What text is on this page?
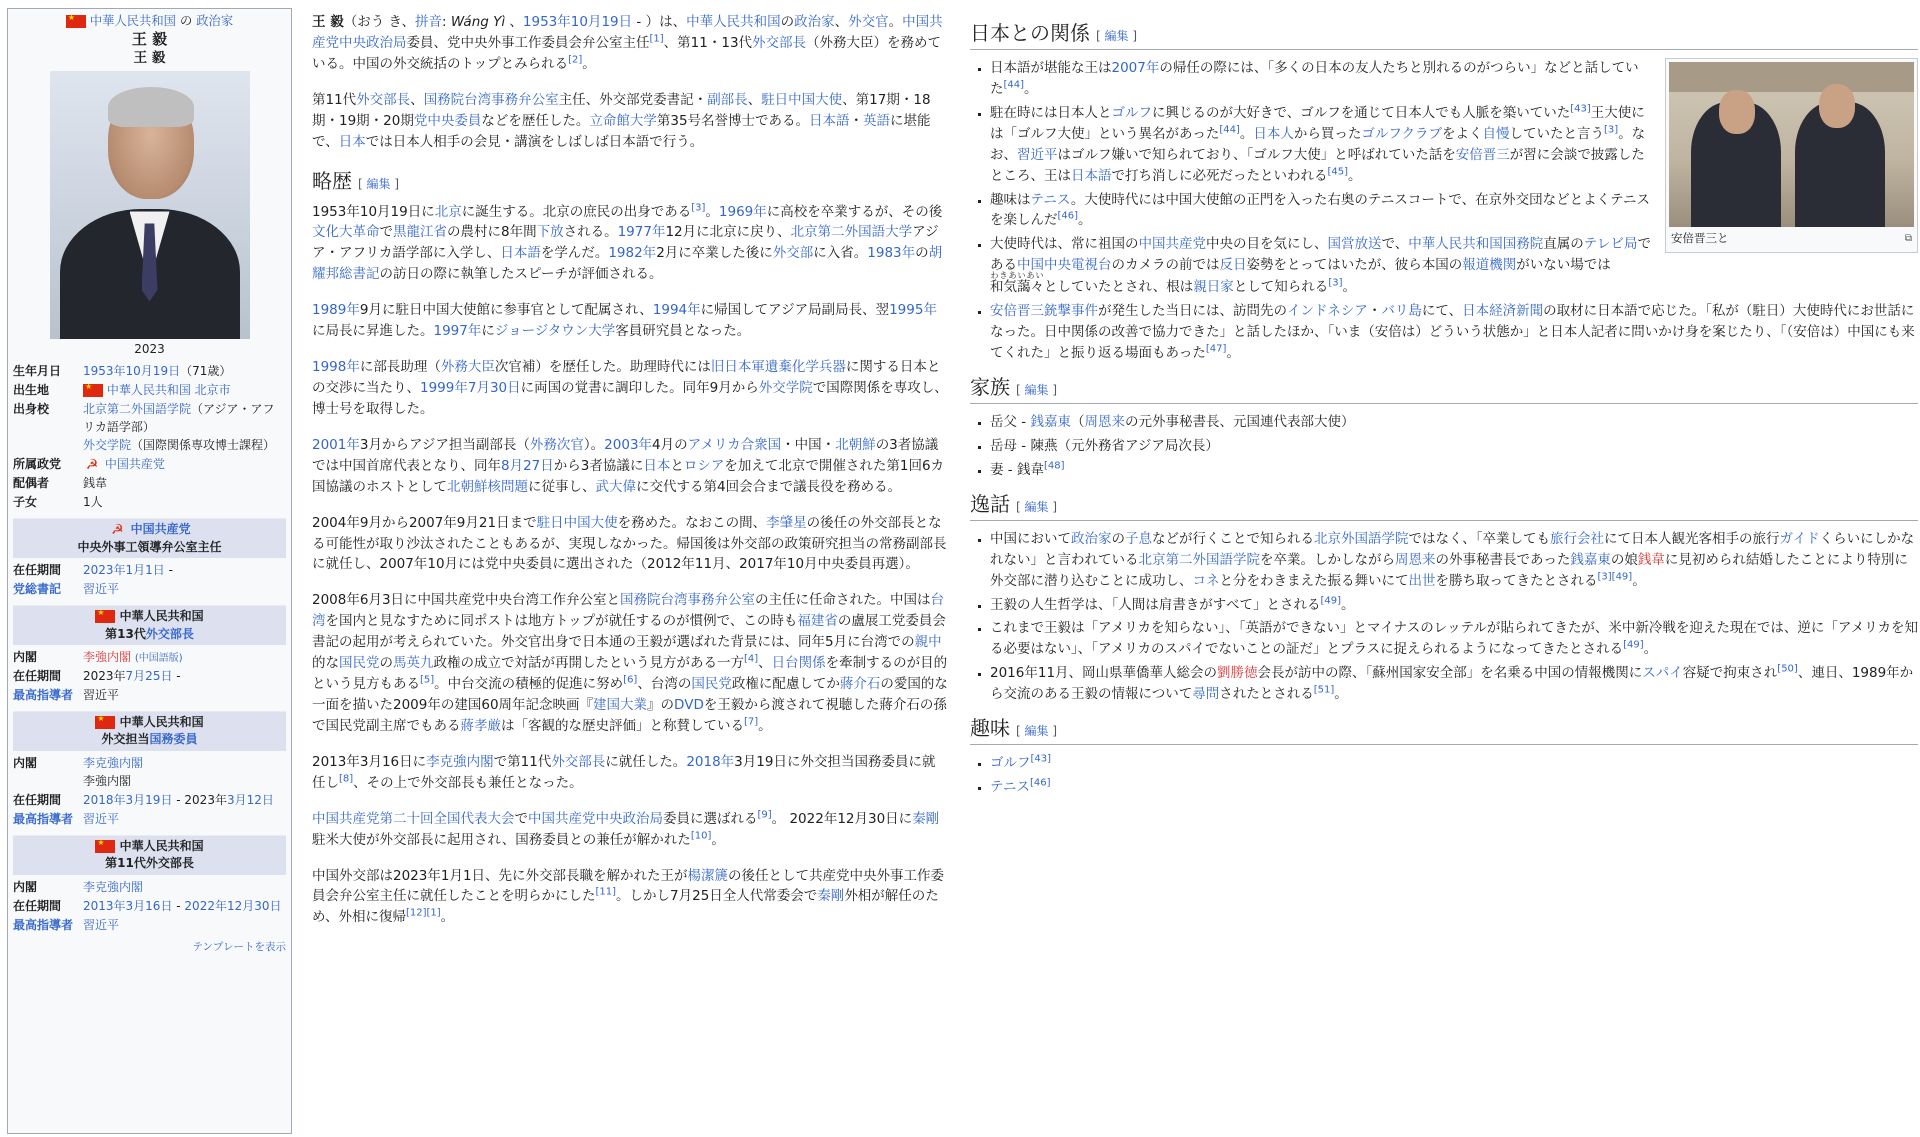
★
中華人民共和国 の 政治家
王 毅
王 毅
2023
生年月日	1953年10月19日（71歳）
出生地
★	中華人民共和国 北京市
出身校	北京第二外国語学院（アジア・アフリカ語学部）
外交学院（国際関係専攻博士課程）
所属政党	☭ 中国共産党
配偶者	銭韋
子女	1人
☭ 中国共産党
中央外事工領導弁公室主任
在任期間	2023年1月1日 -
党総書記	習近平
★ 中華人民共和国
第13代外交部長
内閣	李強内閣 (中国語版)
在任期間	2023年7月25日 -
最高指導者 習近平
★ 中華人民共和国
外交担当国務委員
内閣	李克強内閣
李強内閣
在任期間	2018年3月19日 - 2023年3月12日
最高指導者 習近平
★ 中華人民共和国
第11代外交部長
内閣	李克強内閣
在任期間	2013年3月16日 - 2022年12月30日
最高指導者 習近平
テンプレートを表示

王 毅（おう き、拼音: Wáng Yì 、1953年10月19日 - ）は、中華人民共和国の政治家、外交官。中国共産党中央政治局委員、党中央外事工作委員会弁公室主任[1]、第11・13代外交部長（外務大臣）を務めている。中国の外交統括のトップとみられる[2]。

第11代外交部長、国務院台湾事務弁公室主任、外交部党委書記・副部長、駐日中国大使、第17期・18期・19期・20期党中央委員などを歴任した。立命館大学第35号名誉博士である。日本語・英語に堪能で、日本では日本人相手の会見・講演をしばしば日本語で行う。

略歴 [ 編集 ]

1953年10月19日に北京に誕生する。北京の庶民の出身である[3]。1969年に高校を卒業するが、その後文化大革命で黒龍江省の農村に8年間下放される。1977年12月に北京に戻り、北京第二外国語大学アジア・アフリカ語学部に入学し、日本語を学んだ。1982年2月に卒業した後に外交部に入省。1983年の胡耀邦総書記の訪日の際に執筆したスピーチが評価される。

1989年9月に駐日中国大使館に参事官として配属され、1994年に帰国してアジア局副局長、翌1995年に局長に昇進した。1997年にジョージタウン大学客員研究員となった。

1998年に部長助理（外務大臣次官補）を歴任した。助理時代には旧日本軍遺棄化学兵器に関する日本との交渉に当たり、1999年7月30日に両国の覚書に調印した。同年9月から外交学院で国際関係を専攻し、博士号を取得した。

2001年3月からアジア担当副部長（外務次官）。2003年4月のアメリカ合衆国・中国・北朝鮮の3者協議では中国首席代表となり、同年8月27日から3者協議に日本とロシアを加えて北京で開催された第1回6カ国協議のホストとして北朝鮮核問題に従事し、武大偉に交代する第4回会合まで議長役を務める。

2004年9月から2007年9月21日まで駐日中国大使を務めた。なおこの間、李肇星の後任の外交部長となる可能性が取り沙汰されたこともあるが、実現しなかった。帰国後は外交部の政策研究担当の常務副部長に就任し、2007年10月には党中央委員に選出された（2012年11月、2017年10月中央委員再選）。

2008年6月3日に中国共産党中央台湾工作弁公室と国務院台湾事務弁公室の主任に任命された。中国は台湾を国内と見なすために同ポストは地方トップが就任するのが慣例で、この時も福建省の盧展工党委員会書記の起用が考えられていた。外交官出身で日本通の王毅が選ばれた背景には、同年5月に台湾での親中的な国民党の馬英九政権の成立で対話が再開したという見方がある一方[4]、日台関係を牽制するのが目的という見方もある[5]。中台交流の積極的促進に努め[6]、台湾の国民党政権に配慮してか蔣介石の愛国的な一面を描いた2009年の建国60周年記念映画『建国大業』のDVDを王毅から渡されて視聴した蔣介石の孫で国民党副主席でもある蔣孝厳は「客観的な歴史評価」と称賛している[7]。

2013年3月16日に李克強内閣で第11代外交部長に就任した。2018年3月19日に外交担当国務委員に就任し[8]、その上で外交部長も兼任となった。

中国共産党第二十回全国代表大会で中国共産党中央政治局委員に選ばれる[9]。 2022年12月30日に秦剛駐米大使が外交部長に起用され、国務委員との兼任が解かれた[10]。

中国外交部は2023年1月1日、先に外交部長職を解かれた王が楊潔篪の後任として共産党中央外事工作委員会弁公室主任に就任したことを明らかにした[11]。しかし7月25日全人代常委会で秦剛外相が解任のため、外相に復帰[12][1]。

日本との関係 [ 編集 ]
安倍晋三と	⧉
▪ 日本語が堪能な王は2007年の帰任の際には、「多くの日本の友人たちと別れるのがつらい」などと話していた[44]。
▪ 駐在時には日本人とゴルフに興じるのが大好きで、ゴルフを通じて日本人でも人脈を築いていた[43]王大使には「ゴルフ大使」という異名があった[44]。日本人から買ったゴルフクラブをよく自慢していたと言う[3]。なお、習近平はゴルフ嫌いで知られており、「ゴルフ大使」と呼ばれていた話を安倍晋三が習に会談で披露したところ、王は日本語で打ち消しに必死だったといわれる[45]。
▪ 趣味はテニス。大使時代には中国大使館の正門を入った右奥のテニスコートで、在京外交団などとよくテニスを楽しんだ[46]。
▪ 大使時代は、常に祖国の中国共産党中央の目を気にし、国営放送で、中華人民共和国国務院直属のテレビ局である中国中央電視台のカメラの前では反日姿勢をとってはいたが、彼ら本国の報道機関がいない場では和気藹々わきあいあいとしていたとされ、根は親日家として知られる[3]。
▪ 安倍晋三銃撃事件が発生した当日には、訪問先のインドネシア・バリ島にて、日本経済新聞の取材に日本語で応じた。「私が（駐日）大使時代にお世話になった。日中関係の改善で協力できた」と話したほか、「いま（安倍は）どういう状態か」と日本人記者に問いかけ身を案じたり、「（安倍は）中国にも来てくれた」と振り返る場面もあった[47]。
家族 [ 編集 ]
▪ 岳父 - 銭嘉東（周恩来の元外事秘書長、元国連代表部大使）
▪ 岳母 - 陳燕（元外務省アジア局次長）
▪ 妻 - 銭韋[48]
逸話 [ 編集 ]
▪ 中国において政治家の子息などが行くことで知られる北京外国語学院ではなく、「卒業しても旅行会社にて日本人観光客相手の旅行ガイドくらいにしかなれない」と言われている北京第二外国語学院を卒業。しかしながら周恩来の外事秘書長であった銭嘉東の娘銭韋に見初められ結婚したことにより特別に外交部に潜り込むことに成功し、コネと分をわきまえた振る舞いにて出世を勝ち取ってきたとされる[3][49]。
▪ 王毅の人生哲学は、「人間は肩書きがすべて」とされる[49]。
▪ これまで王毅は「アメリカを知らない」、「英語ができない」とマイナスのレッテルが貼られてきたが、米中新冷戦を迎えた現在では、逆に「アメリカを知る必要はない」、「アメリカのスパイでないことの証だ」とプラスに捉えられるようになってきたとされる[49]。
▪ 2016年11月、岡山県華僑華人総会の劉勝徳会長が訪中の際、「蘇州国家安全部」を名乗る中国の情報機関にスパイ容疑で拘束され[50]、連日、1989年から交流のある王毅の情報について尋問されたとされる[51]。
趣味 [ 編集 ]
▪ ゴルフ[43]
▪ テニス[46]
